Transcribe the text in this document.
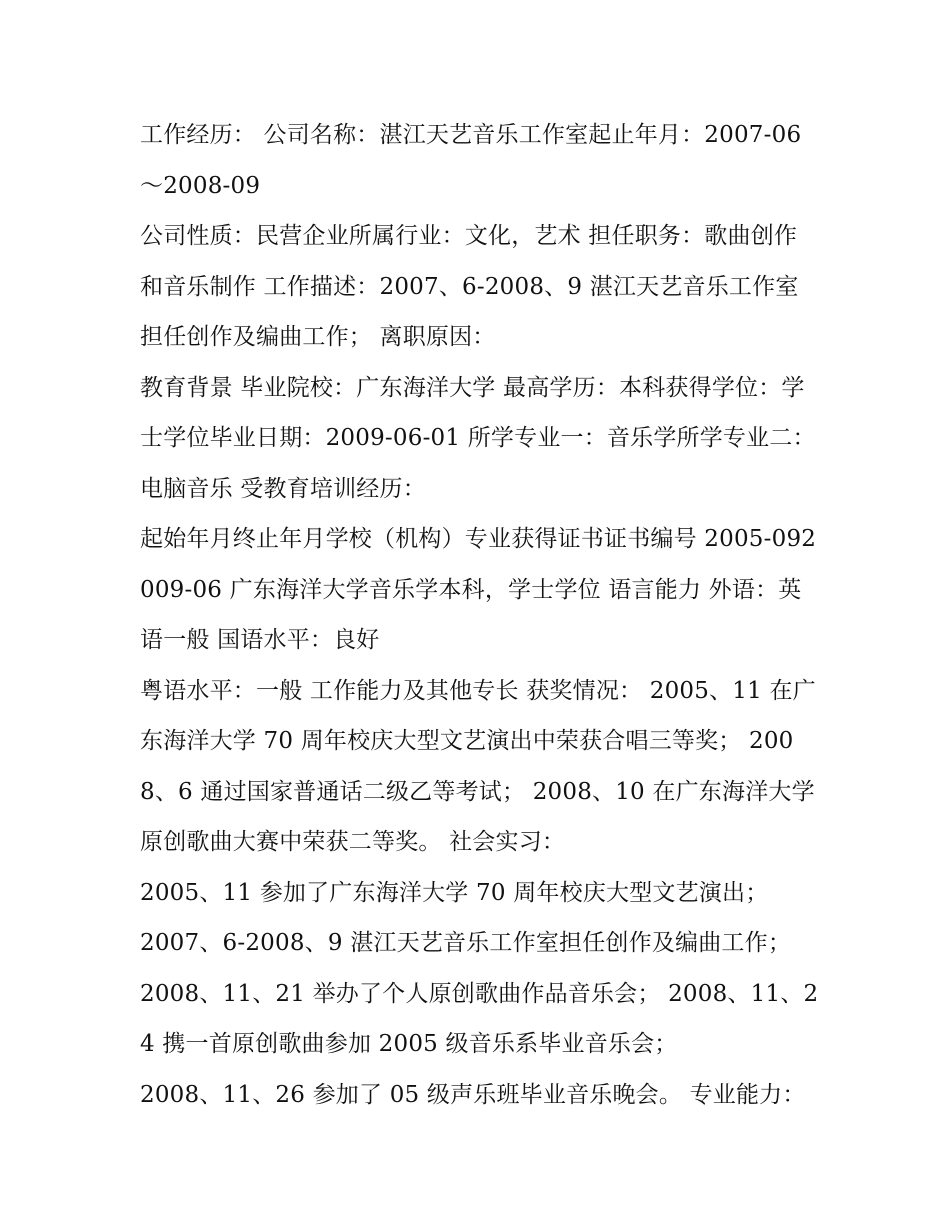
工作经历： 公司名称：湛江天艺音乐工作室起止年月：2007-06～2008-09

公司性质：民营企业所属行业：文化，艺术 担任职务：歌曲创作和音乐制作 工作描述：2007、6-2008、9 湛江天艺音乐工作室担任创作及编曲工作； 离职原因：

教育背景 毕业院校：广东海洋大学 最高学历：本科获得学位：学士学位毕业日期：2009-06-01 所学专业一：音乐学所学专业二：电脑音乐 受教育培训经历：

起始年月终止年月学校（机构）专业获得证书证书编号 2005-092009-06 广东海洋大学音乐学本科，学士学位 语言能力 外语：英语一般 国语水平：良好

粤语水平：一般 工作能力及其他专长 获奖情况： 2005、11 在广东海洋大学 70 周年校庆大型文艺演出中荣获合唱三等奖； 2008、6 通过国家普通话二级乙等考试； 2008、10 在广东海洋大学原创歌曲大赛中荣获二等奖。 社会实习：

2005、11 参加了广东海洋大学 70 周年校庆大型文艺演出；

2007、6-2008、9 湛江天艺音乐工作室担任创作及编曲工作；

2008、11、21 举办了个人原创歌曲作品音乐会； 2008、11、24 携一首原创歌曲参加 2005 级音乐系毕业音乐会；

2008、11、26 参加了 05 级声乐班毕业音乐晚会。 专业能力：
